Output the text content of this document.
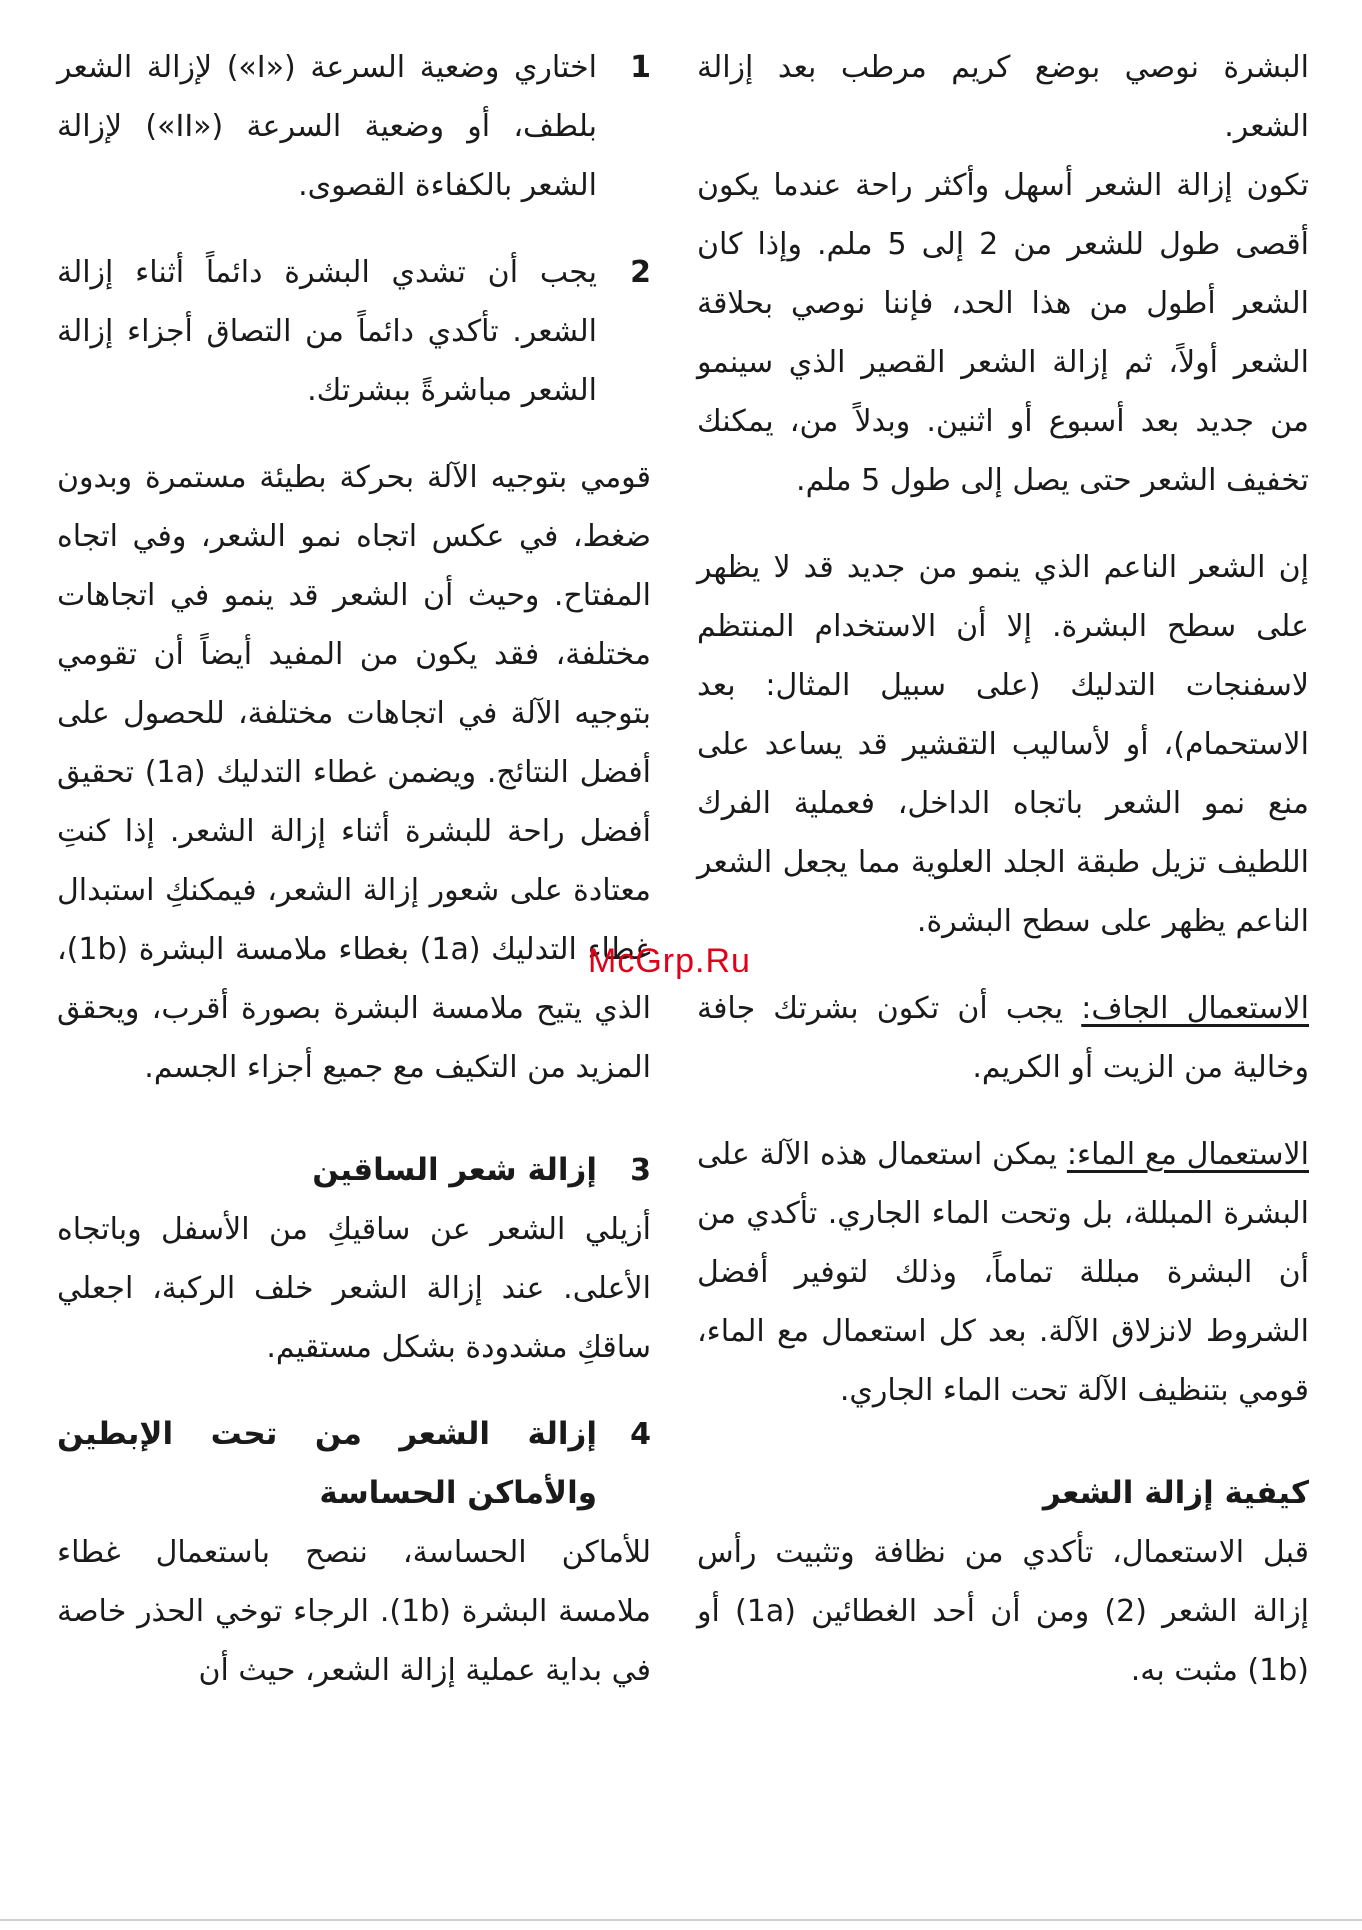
البشرة نوصي بوضع كريم مرطب بعد إزالة الشعر.

تكون إزالة الشعر أسهل وأكثر راحة عندما يكون أقصى طول للشعر من 2 إلى 5 ملم. وإذا كان الشعر أطول من هذا الحد، فإننا نوصي بحلاقة الشعر أولاً، ثم إزالة الشعر القصير الذي سينمو من جديد بعد أسبوع أو اثنين. وبدلاً من، يمكنك تخفيف الشعر حتى يصل إلى طول 5 ملم.

إن الشعر الناعم الذي ينمو من جديد قد لا يظهر على سطح البشرة. إلا أن الاستخدام المنتظم لاسفنجات التدليك (على سبيل المثال: بعد الاستحمام)، أو لأساليب التقشير قد يساعد على منع نمو الشعر باتجاه الداخل، فعملية الفرك اللطيف تزيل طبقة الجلد العلوية مما يجعل الشعر الناعم يظهر على سطح البشرة.

الاستعمال الجاف: يجب أن تكون بشرتك جافة وخالية من الزيت أو الكريم.

الاستعمال مع الماء: يمكن استعمال هذه الآلة على البشرة المبللة، بل وتحت الماء الجاري. تأكدي من أن البشرة مبللة تماماً، وذلك لتوفير أفضل الشروط لانزلاق الآلة. بعد كل استعمال مع الماء، قومي بتنظيف الآلة تحت الماء الجاري.

كيفية إزالة الشعر

قبل الاستعمال، تأكدي من نظافة وتثبيت رأس إزالة الشعر (2) ومن أن أحد الغطائين (1a) أو (1b) مثبت به.

1
اختاري وضعية السرعة («I») لإزالة الشعر بلطف، أو وضعية السرعة («II») لإزالة الشعر بالكفاءة القصوى.
2
يجب أن تشدي البشرة دائماً أثناء إزالة الشعر. تأكدي دائماً من التصاق أجزاء إزالة الشعر مباشرةً ببشرتك.

قومي بتوجيه الآلة بحركة بطيئة مستمرة وبدون ضغط، في عكس اتجاه نمو الشعر، وفي اتجاه المفتاح. وحيث أن الشعر قد ينمو في اتجاهات مختلفة، فقد يكون من المفيد أيضاً أن تقومي بتوجيه الآلة في اتجاهات مختلفة، للحصول على أفضل النتائج. ويضمن غطاء التدليك (1a) تحقيق أفضل راحة للبشرة أثناء إزالة الشعر. إذا كنتِ معتادة على شعور إزالة الشعر، فيمكنكِ استبدال غطاء التدليك (1a) بغطاء ملامسة البشرة (1b)، الذي يتيح ملامسة البشرة بصورة أقرب، ويحقق المزيد من التكيف مع جميع أجزاء الجسم.

3
إزالة شعر الساقين

أزيلي الشعر عن ساقيكِ من الأسفل وباتجاه الأعلى. عند إزالة الشعر خلف الركبة، اجعلي ساقكِ مشدودة بشكل مستقيم.

4
إزالة الشعر من تحت الإبطين والأماكن الحساسة

للأماكن الحساسة، ننصح باستعمال غطاء ملامسة البشرة (1b). الرجاء توخي الحذر خاصة في بداية عملية إزالة الشعر، حيث أن

McGrp.Ru
